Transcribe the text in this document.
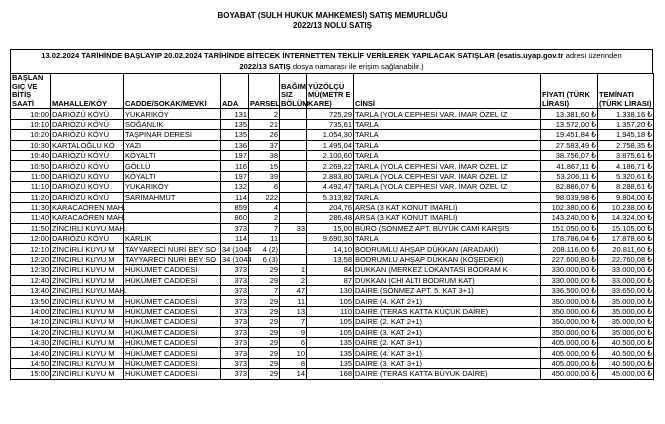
BOYABAT (SULH HUKUK MAHKEMESİ) SATIŞ MEMURLUĞU
2022/13 NOLU SATIŞ
13.02.2024 TARİHİNDE BAŞLAYIP 20.02.2024 TARİHİNDE BİTECEK İNTERNETTEN TEKLİF VERİLEREK YAPILACAK SATIŞLAR (esatis.uyap.gov.tr adresi üzerinden
2022/13 SATIŞ dosya namarası ile erişim sağlanabilir.)
BAŞLAN GIÇ VE BİTİŞ SAATİ	MAHALLE/KÖY	CADDE/SOKAK/MEVKİ	ADA	PARSEL	BAĞIM SIZ BÖLÜM	YÜZÖLÇÜ MÜ(METR E KARE)	CİNSİ	FİYATI (TÜRK LİRASI)	TEMİNATI (TÜRK LİRASI)
10:00	DARIÖZÜ KÖYÜ	YUKARIKÖY	131	2		725,29	TARLA (YOLA CEPHESİ VAR. İMAR ÖZEL İZ	13.381,60 ₺	1.338,16 ₺
10:10	DARIÖZÜ KÖYÜ	SOĞANLIK	135	21		735,61	TARLA	13.572,00 ₺	1.357,20 ₺
10:20	DARIÖZÜ KÖYÜ	TAŞPINAR DERESİ	135	26		1.054,30	TARLA	19.451,84 ₺	1.945,18 ₺
10:30	KARTALOĞLU KÖ	YAZI	136	37		1.495,04	TARLA	27.583,49 ₺	2.758,35 ₺
10:40	DARIÖZÜ KÖYÜ	KÖYALTI	197	38		2.100,60	TARLA	38.756,07 ₺	3.875,61 ₺
10:50	DARIÖZÜ KÖYÜ	GÖLLÜ	116	15		2.269,22	TARLA (YOLA CEPHESİ VAR. İMAR ÖZEL İZ	41.867,11 ₺	4.186,71 ₺
11:00	DARIÖZÜ KÖYÜ	KÖYALTI	197	39		2.883,80	TARLA (YOLA CEPHESİ VAR. İMAR ÖZEL İZ	53.206,11 ₺	5.320,61 ₺
11:10	DARIÖZÜ KÖYÜ	YUKARIKÖY	132	6		4.492,47	TARLA (YOLA CEPHESİ VAR. İMAR ÖZEL İZ	82.886,07 ₺	8.288,61 ₺
11:20	DARIÖZÜ KÖYÜ	SARIMAHMUT	114	222		5.313,82	TARLA	98.039,98 ₺	9.804,00 ₺
11:30	KARACAÖREN MAH.		859	4		204,76	ARSA (3 KAT KONUT İMARLI)	102.380,00 ₺	10.238,00 ₺
11:40	KARACAÖREN MAH.		860	2		286,48	ARSA (3 KAT KONUT İMARLI)	143.240,00 ₺	14.324,00 ₺
11:50	ZİNCİRLİ KUYU MAH.		373	7	33	15,00	BÜRO (SÖNMEZ APT. BÜYÜK CAMİ KARŞIS	151.050,00 ₺	15.105,00 ₺
12:00	DARIÖZÜ KÖYÜ	KARLIK	114	11		9.690,30	TARLA	178.786,04 ₺	17.878,60 ₺
12:10	ZİNCİRLİ KUYU M	TAYYARECİ NURİ BEY SO	34 (1044	4 (2)		14,10	BODRUMLU AHŞAP DÜKKAN (ARADAKİ)	208.116,00 ₺	20.811,60 ₺
12:20	ZİNCİRLİ KUYU M	TAYYARECİ NURİ BEY SO	34 (1044	6 (3)		13,58	BODRUMLU AHŞAP DÜKKAN (KÖŞEDEKİ)	227.600,80 ₺	22.760,08 ₺
12:30	ZİNCİRLİ KUYU M	HÜKÜMET CADDESİ	373	29	1	84	DÜKKAN (MERKEZ LOKANTASI BODRAM K	330.000,00 ₺	33.000,00 ₺
12:40	ZİNCİRLİ KUYU M	HÜKÜMET CADDESİ	373	29	2	87	DÜKKAN (CHI ALTI BODRUM KAT)	330.000,00 ₺	33.000,00 ₺
13:40	ZİNCİRLİ KUYU MAH.		373	7	47	130	DAİRE (SÖNMEZ APT. 5. KAT 3+1)	336.500,00 ₺	33.650,00 ₺
13:50	ZİNCİRLİ KUYU M	HÜKÜMET CADDESİ	373	29	11	105	DAİRE (4. KAT 2+1)	350.000,00 ₺	35.000,00 ₺
14:00	ZİNCİRLİ KUYU M	HÜKÜMET CADDESİ	373	29	13	110	DAİRE (TERAS KATTA KÜÇÜK DAİRE)	350.000,00 ₺	35.000,00 ₺
14:10	ZİNCİRLİ KUYU M	HÜKÜMET CADDESİ	373	29	7	105	DAİRE (2. KAT 2+1)	350.000,00 ₺	35.000,00 ₺
14:20	ZİNCİRLİ KUYU M	HÜKÜMET CADDESİ	373	29	9	105	DAİRE (3. KAT 2+1)	350.000,00 ₺	35.000,00 ₺
14:30	ZİNCİRLİ KUYU M	HÜKÜMET CADDESİ	373	29	6	135	DAİRE (2. KAT 3+1)	405.000,00 ₺	40.500,00 ₺
14:40	ZİNCİRLİ KUYU M	HÜKÜMET CADDESİ	373	29	10	135	DAİRE (4. KAT 3+1)	405.000,00 ₺	40.500,00 ₺
14:50	ZİNCİRLİ KUYU M	HÜKÜMET CADDESİ	373	29	8	135	DAİRE (3. KAT 3+1)	405.000,00 ₺	40.500,00 ₺
15:00	ZİNCİRLİ KUYU M	HÜKÜMET CADDESİ	373	29	14	168	DAİRE (TERAS KATTA BÜYÜK DAİRE)	450.000,00 ₺	45.000,00 ₺
